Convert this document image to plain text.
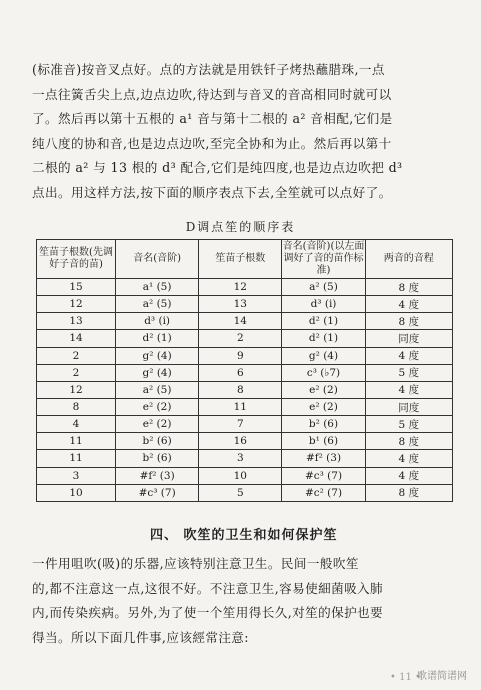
(标准音)按音叉点好。点的方法就是用铁钎子烤热蘸腊珠,一点

一点往簧舌尖上点,边点边吹,待达到与音叉的音高相同时就可以

了。然后再以第十五根的 a¹ 音与第十二根的 a² 音相配,它们是

纯八度的协和音,也是边点边吹,至完全协和为止。然后再以第十

二根的 a² 与 13 根的 d³ 配合,它们是纯四度,也是边点边吹把 d³

点出。用这样方法,按下面的顺序表点下去,全笙就可以点好了。

D调点笙的顺序表
笙苗子根数(先调好子音的苗)	音名(音阶)	笙苗子根数	音名(音阶)(以左面调好了音的苗作标准)	两音的音程
15	a¹ (5)	12	a² (5)	8 度
12	a² (5)	13	d³ (i)	4 度
13	d³ (i)	14	d² (1)	8 度
14	d² (1)	2	d² (1)	同度
2	g² (4)	9	g² (4)	4 度
2	g² (4)	6	c³ (♭7)	5 度
12	a² (5)	8	e² (2)	4 度
8	e² (2)	11	e² (2)	同度
4	e² (2)	7	b² (6)	5 度
11	b² (6)	16	b¹ (6)	8 度
11	b² (6)	3	#f² (3)	4 度
3	#f² (3)	10	#c³ (7)	4 度
10	#c³ (7)	5	#c² (7)	8 度
四、 吹笙的卫生和如何保护笙

一件用咀吹(吸)的乐器,应该特别注意卫生。民间一般吹笙

的,都不注意这一点,这很不好。不注意卫生,容易使細菌吸入肺

内,而传染疾病。另外,为了使一个笙用得长久,对笙的保护也要

得当。所以下面几件事,应该經常注意:

• 11 •
歌谱简谱网
